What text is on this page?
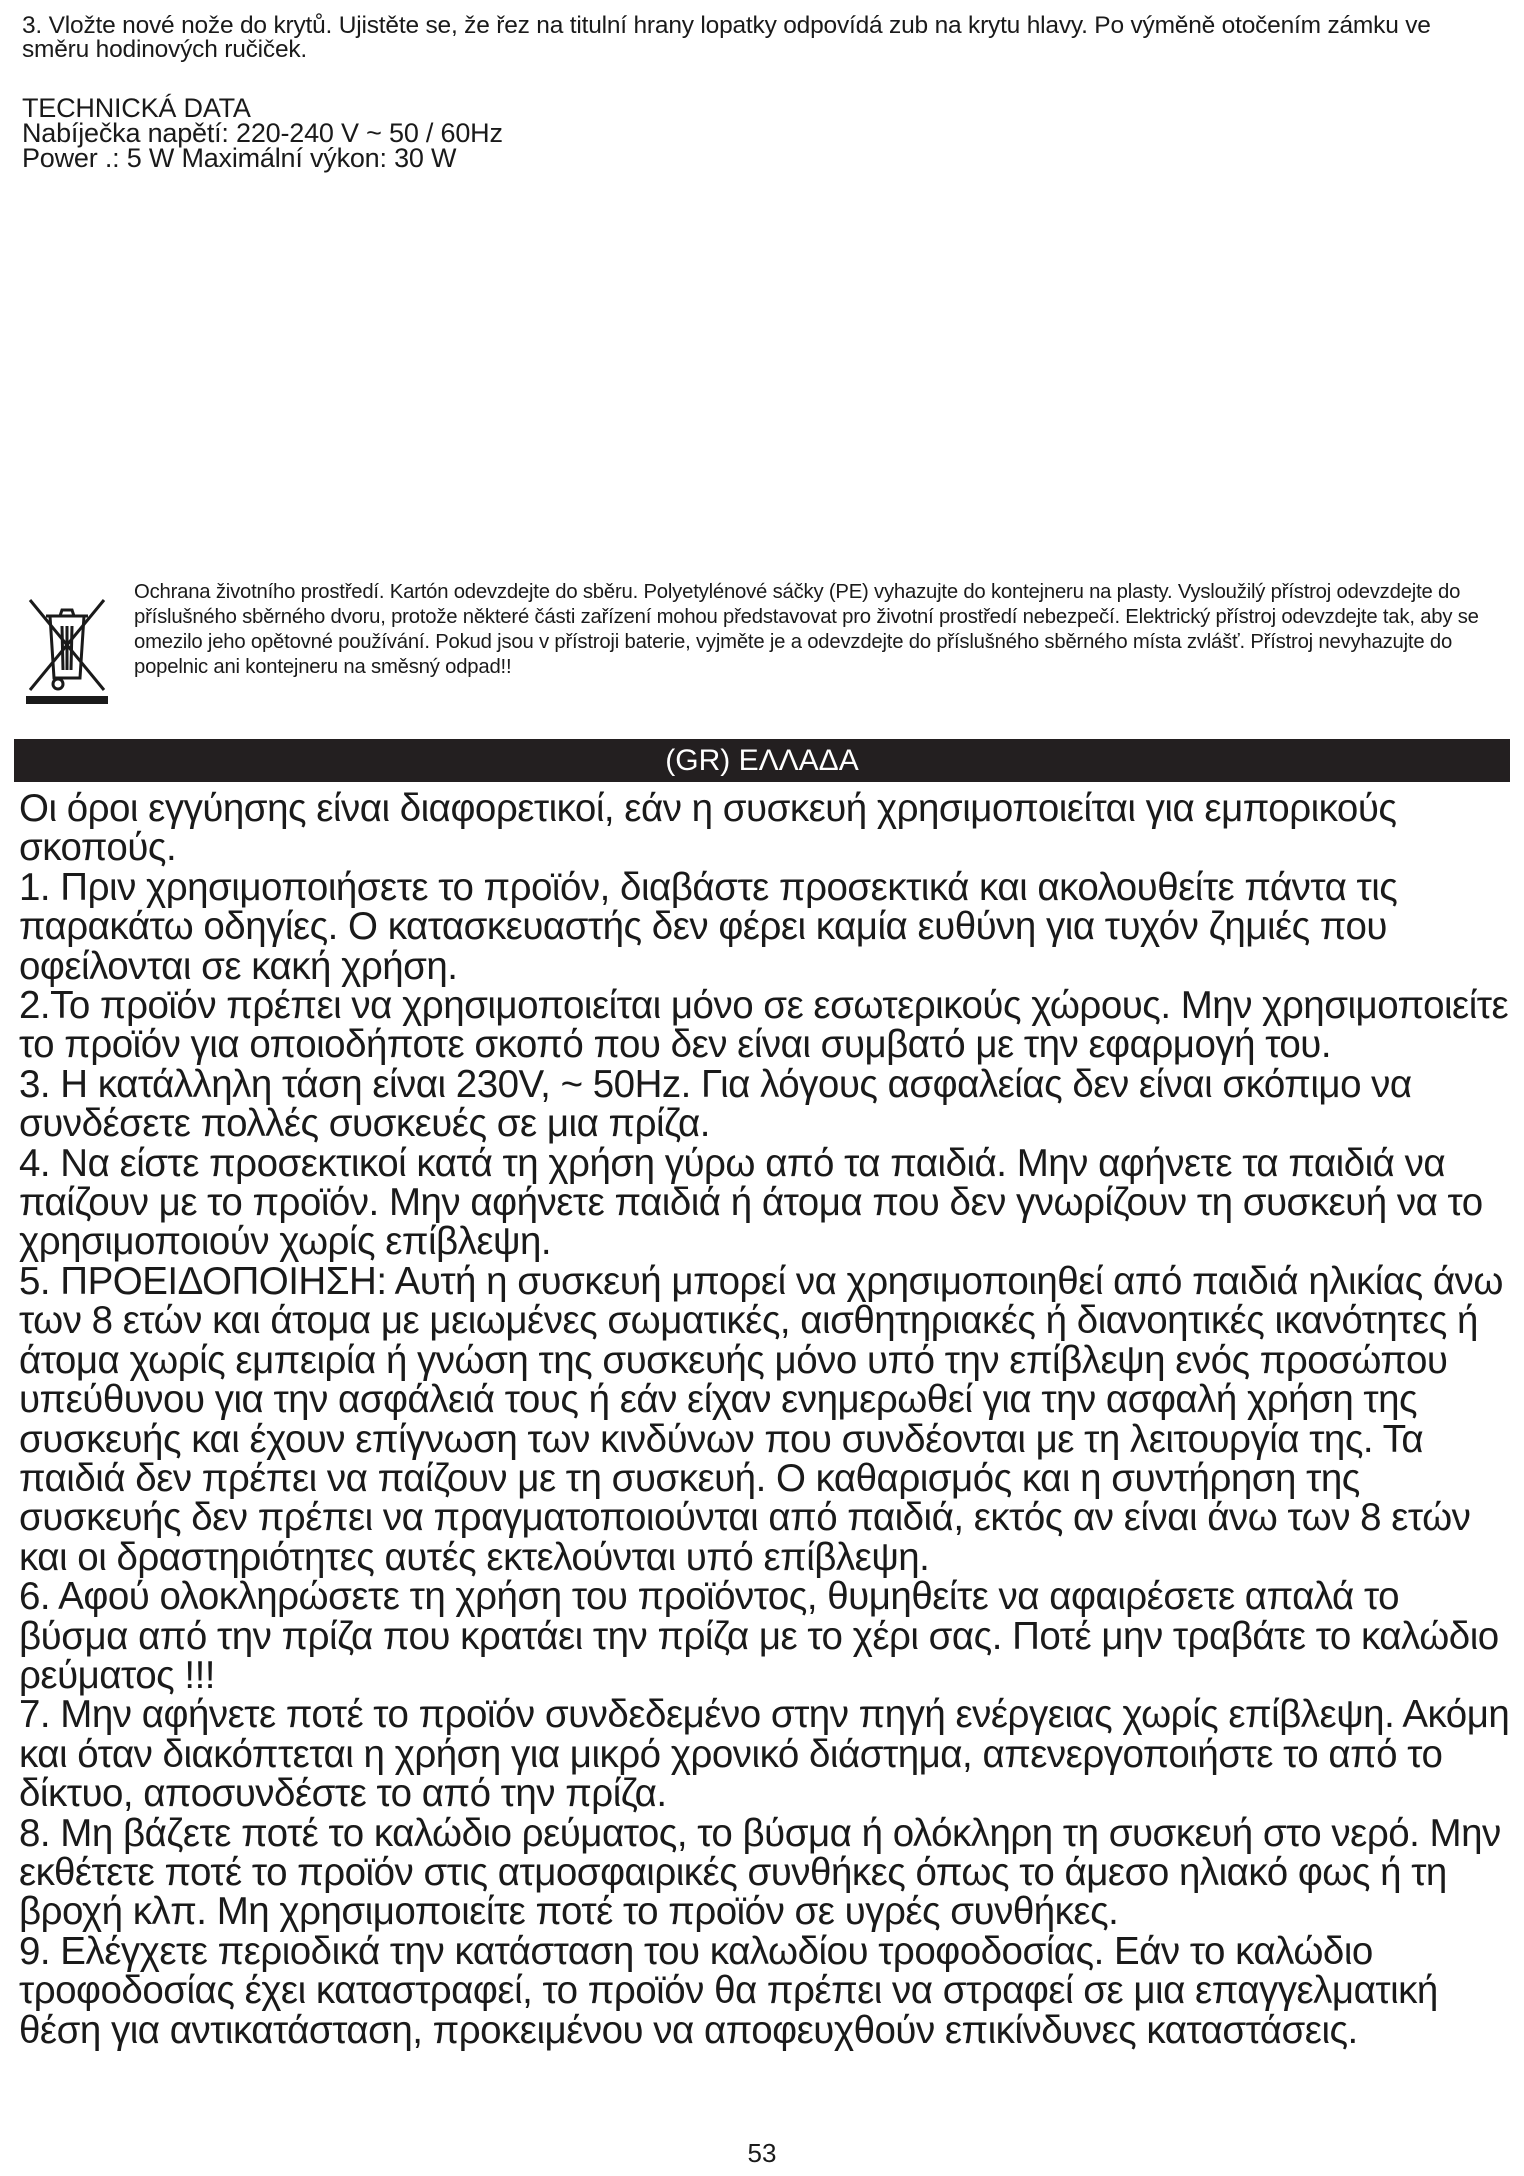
3. Vložte nové nože do krytů. Ujistěte se, že řez na titulní hrany lopatky odpovídá zub na krytu hlavy. Po výměně otočením zámku ve směru hodinových ručiček.

TECHNICKÁ DATA
Nabíječka napětí: 220-240 V ~ 50 / 60Hz
Power .: 5 W Maximální výkon: 30 W

Ochrana životního prostředí. Kartón odevzdejte do sběru. Polyetylénové sáčky (PE) vyhazujte do kontejneru na plasty. Vysloužilý přístroj odevzdejte do příslušného sběrného dvoru, protože některé části zařízení mohou představovat pro životní prostředí nebezpečí. Elektrický přístroj odevzdejte tak, aby se omezilo jeho opětovné používání. Pokud jsou v přístroji baterie, vyjměte je a odevzdejte do příslušného sběrného místa zvlášť. Přístroj nevyhazujte do popelnic ani kontejneru na směsný odpad!!
(GR) ΕΛΛΑΔΑ

Οι όροι εγγύησης είναι διαφορετικοί, εάν η συσκευή χρησιμοποιείται για εμπορικούς σκοπούς.

1. Πριν χρησιμοποιήσετε το προϊόν, διαβάστε προσεκτικά και ακολουθείτε πάντα τις παρακάτω οδηγίες. Ο κατασκευαστής δεν φέρει καμία ευθύνη για τυχόν ζημιές που οφείλονται σε κακή χρήση.

2.Το προϊόν πρέπει να χρησιμοποιείται μόνο σε εσωτερικούς χώρους. Μην χρησιμοποιείτε το προϊόν για οποιοδήποτε σκοπό που δεν είναι συμβατό με την εφαρμογή του.

3. Η κατάλληλη τάση είναι 230V, ~ 50Hz. Για λόγους ασφαλείας δεν είναι σκόπιμο να συνδέσετε πολλές συσκευές σε μια πρίζα.

4. Να είστε προσεκτικοί κατά τη χρήση γύρω από τα παιδιά. Μην αφήνετε τα παιδιά να παίζουν με το προϊόν. Μην αφήνετε παιδιά ή άτομα που δεν γνωρίζουν τη συσκευή να το χρησιμοποιούν χωρίς επίβλεψη.

5. ΠΡΟΕΙΔΟΠΟΙΗΣΗ: Αυτή η συσκευή μπορεί να χρησιμοποιηθεί από παιδιά ηλικίας άνω των 8 ετών και άτομα με μειωμένες σωματικές, αισθητηριακές ή διανοητικές ικανότητες ή άτομα χωρίς εμπειρία ή γνώση της συσκευής μόνο υπό την επίβλεψη ενός προσώπου υπεύθυνου για την ασφάλειά τους ή εάν είχαν ενημερωθεί για την ασφαλή χρήση της συσκευής και έχουν επίγνωση των κινδύνων που συνδέονται με τη λειτουργία της. Τα παιδιά δεν πρέπει να παίζουν με τη συσκευή. Ο καθαρισμός και η συντήρηση της συσκευής δεν πρέπει να πραγματοποιούνται από παιδιά, εκτός αν είναι άνω των 8 ετών και οι δραστηριότητες αυτές εκτελούνται υπό επίβλεψη.

6. Αφού ολοκληρώσετε τη χρήση του προϊόντος, θυμηθείτε να αφαιρέσετε απαλά το βύσμα από την πρίζα που κρατάει την πρίζα με το χέρι σας. Ποτέ μην τραβάτε το καλώδιο ρεύματος !!!

7. Μην αφήνετε ποτέ το προϊόν συνδεδεμένο στην πηγή ενέργειας χωρίς επίβλεψη. Ακόμη και όταν διακόπτεται η χρήση για μικρό χρονικό διάστημα, απενεργοποιήστε το από το δίκτυο, αποσυνδέστε το από την πρίζα.

8. Μη βάζετε ποτέ το καλώδιο ρεύματος, το βύσμα ή ολόκληρη τη συσκευή στο νερό. Μην εκθέτετε ποτέ το προϊόν στις ατμοσφαιρικές συνθήκες όπως το άμεσο ηλιακό φως ή τη βροχή κλπ. Μη χρησιμοποιείτε ποτέ το προϊόν σε υγρές συνθήκες.

9. Ελέγχετε περιοδικά την κατάσταση του καλωδίου τροφοδοσίας. Εάν το καλώδιο τροφοδοσίας έχει καταστραφεί, το προϊόν θα πρέπει να στραφεί σε μια επαγγελματική θέση για αντικατάσταση, προκειμένου να αποφευχθούν επικίνδυνες καταστάσεις.

53
